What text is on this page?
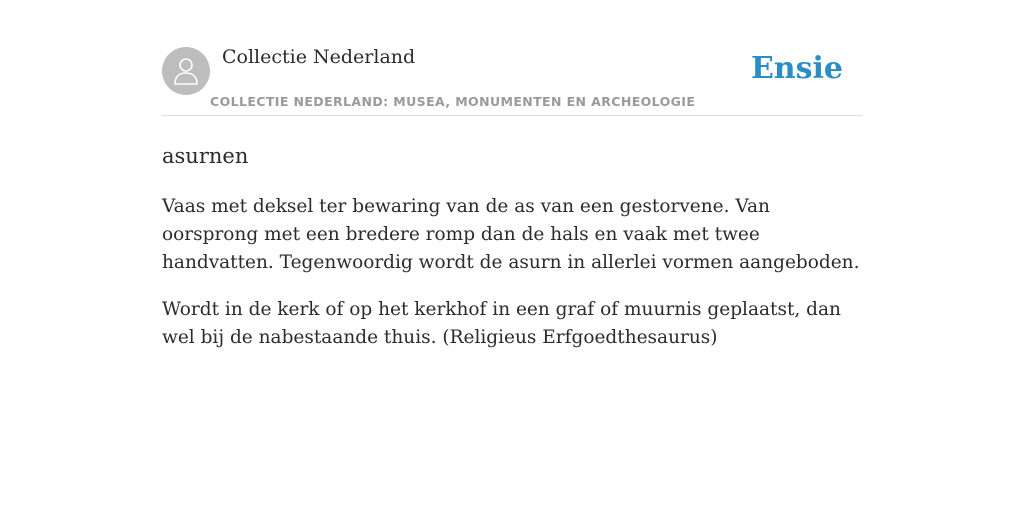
Collectie Nederland
COLLECTIE NEDERLAND: MUSEA, MONUMENTEN EN ARCHEOLOGIE
Ensie
asurnen

Vaas met deksel ter bewaring van de as van een gestorvene. Van oorsprong met een bredere romp dan de hals en vaak met twee handvatten. Tegenwoordig wordt de asurn in allerlei vormen aangeboden.

Wordt in de kerk of op het kerkhof in een graf of muurnis geplaatst, dan wel bij de nabestaande thuis. (Religieus Erfgoedthesaurus)
